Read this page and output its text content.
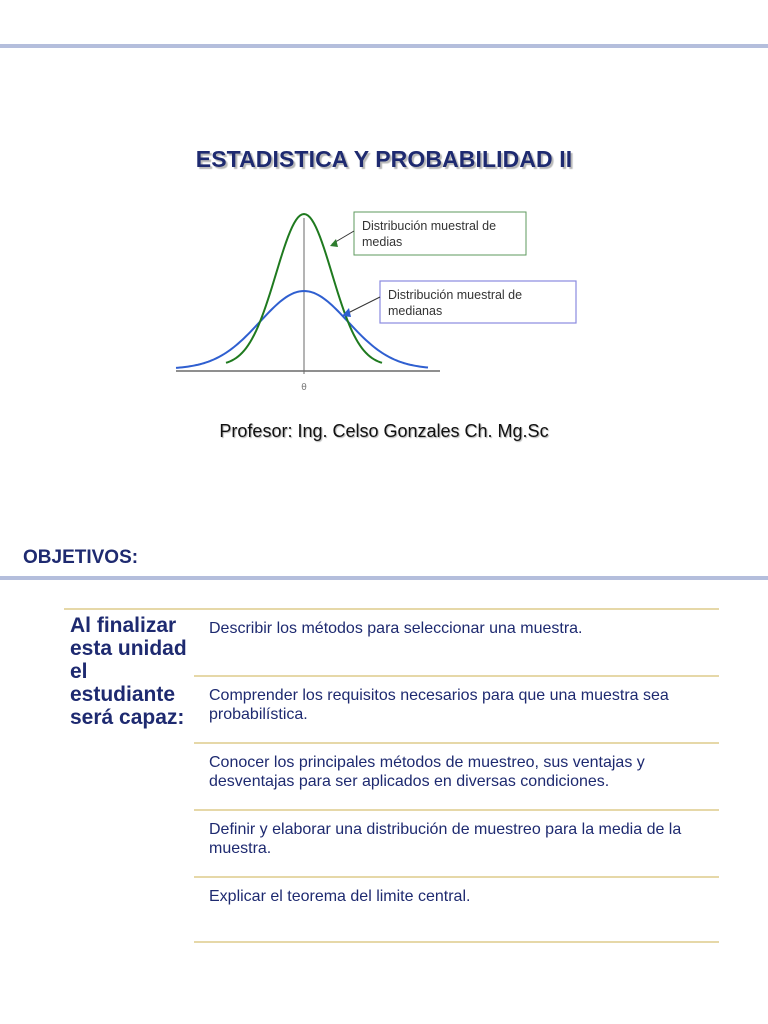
ESTADISTICA Y PROBABILIDAD II
θ
Distribución muestral de
medias
Distribución muestral de
medianas
Profesor: Ing. Celso Gonzales Ch. Mg.Sc
OBJETIVOS:
Al finalizar esta unidad el estudiante será capaz:
Describir los métodos para seleccionar una muestra.
Comprender los requisitos necesarios para que una muestra sea probabilística.
Conocer los principales métodos de muestreo, sus ventajas y desventajas para ser aplicados en diversas condiciones.
Definir y elaborar una distribución de muestreo para la media de la muestra.
Explicar el teorema del limite central.
